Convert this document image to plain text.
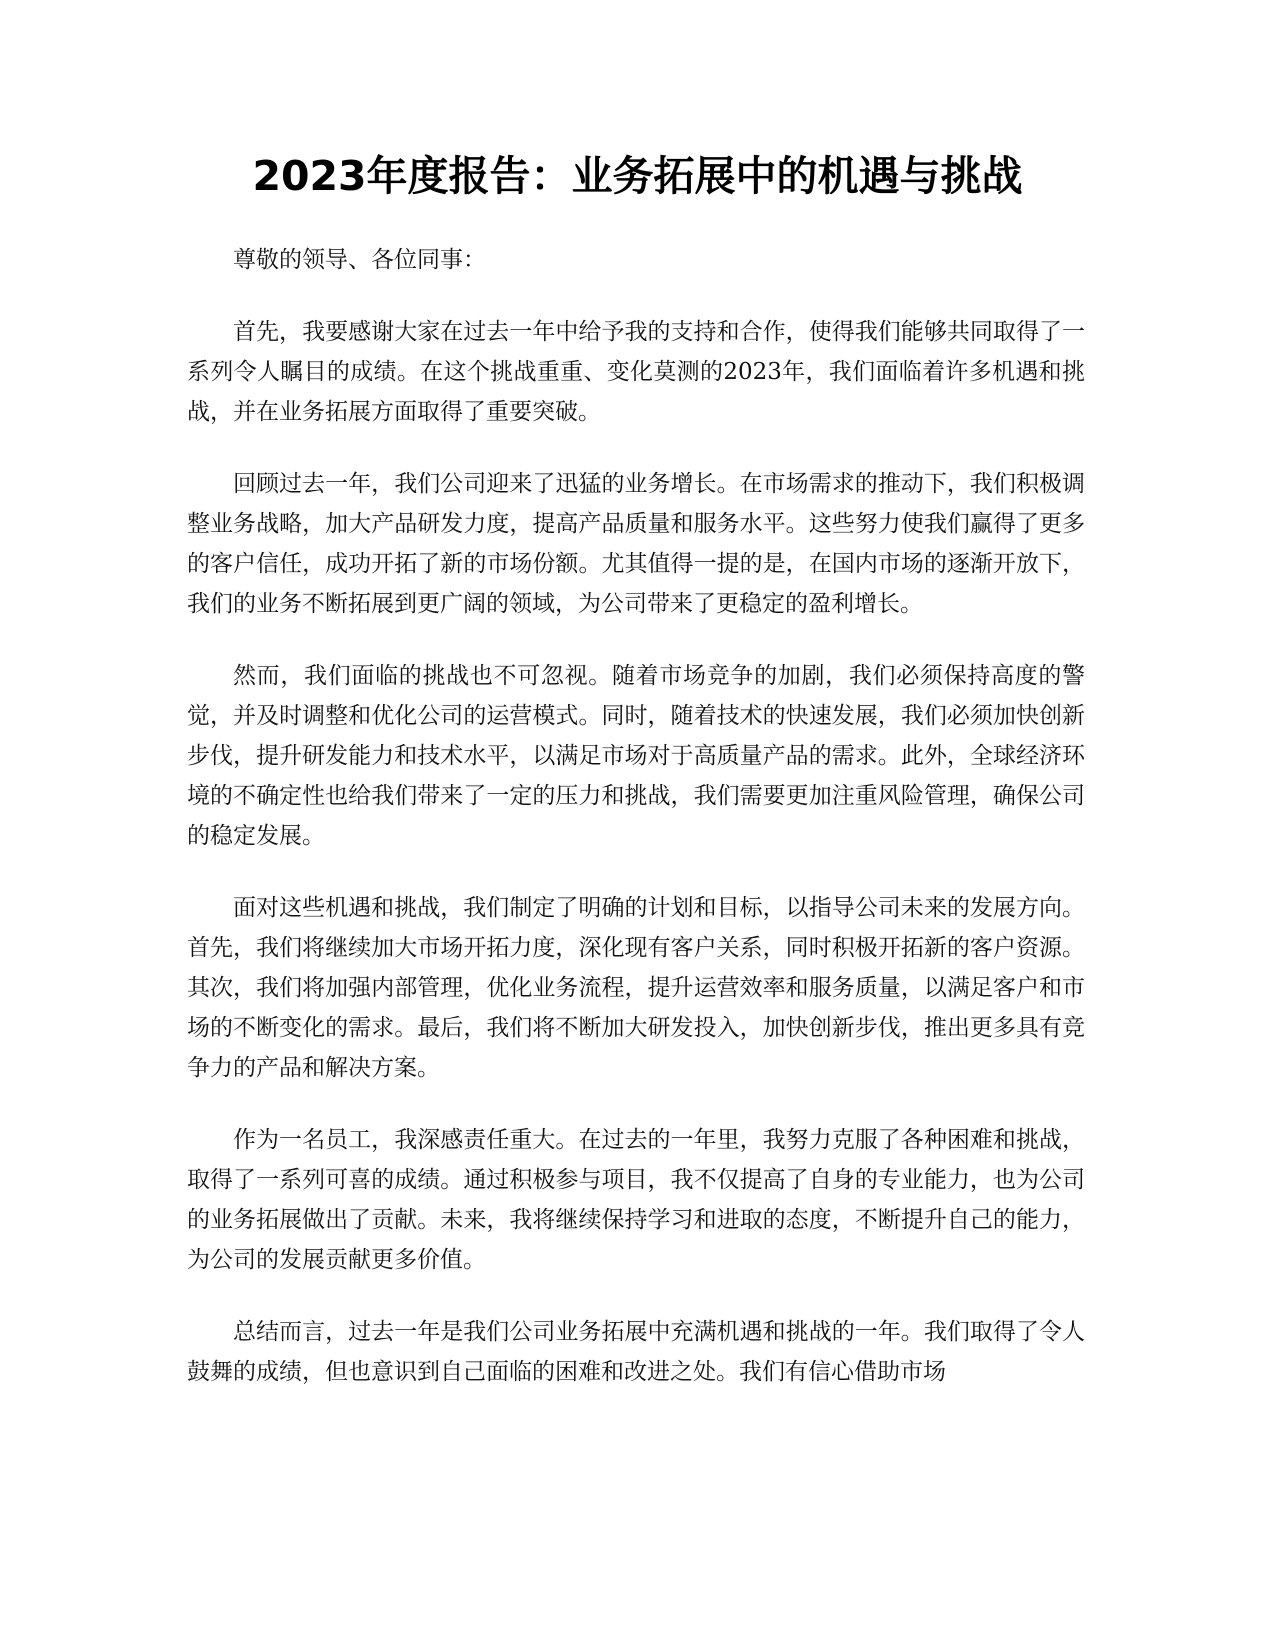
2023年度报告：业务拓展中的机遇与挑战

尊敬的领导、各位同事：

首先，我要感谢大家在过去一年中给予我的支持和合作，使得我们能够共同取得了一系列令人瞩目的成绩。在这个挑战重重、变化莫测的2023年，我们面临着许多机遇和挑战，并在业务拓展方面取得了重要突破。

回顾过去一年，我们公司迎来了迅猛的业务增长。在市场需求的推动下，我们积极调整业务战略，加大产品研发力度，提高产品质量和服务水平。这些努力使我们赢得了更多的客户信任，成功开拓了新的市场份额。尤其值得一提的是，在国内市场的逐渐开放下，我们的业务不断拓展到更广阔的领域，为公司带来了更稳定的盈利增长。

然而，我们面临的挑战也不可忽视。随着市场竞争的加剧，我们必须保持高度的警觉，并及时调整和优化公司的运营模式。同时，随着技术的快速发展，我们必须加快创新步伐，提升研发能力和技术水平，以满足市场对于高质量产品的需求。此外，全球经济环境的不确定性也给我们带来了一定的压力和挑战，我们需要更加注重风险管理，确保公司的稳定发展。

面对这些机遇和挑战，我们制定了明确的计划和目标，以指导公司未来的发展方向。首先，我们将继续加大市场开拓力度，深化现有客户关系，同时积极开拓新的客户资源。其次，我们将加强内部管理，优化业务流程，提升运营效率和服务质量，以满足客户和市场的不断变化的需求。最后，我们将不断加大研发投入，加快创新步伐，推出更多具有竞争力的产品和解决方案。

作为一名员工，我深感责任重大。在过去的一年里，我努力克服了各种困难和挑战，取得了一系列可喜的成绩。通过积极参与项目，我不仅提高了自身的专业能力，也为公司的业务拓展做出了贡献。未来，我将继续保持学习和进取的态度，不断提升自己的能力，为公司的发展贡献更多价值。

总结而言，过去一年是我们公司业务拓展中充满机遇和挑战的一年。我们取得了令人鼓舞的成绩，但也意识到自己面临的困难和改进之处。我们有信心借助市场
